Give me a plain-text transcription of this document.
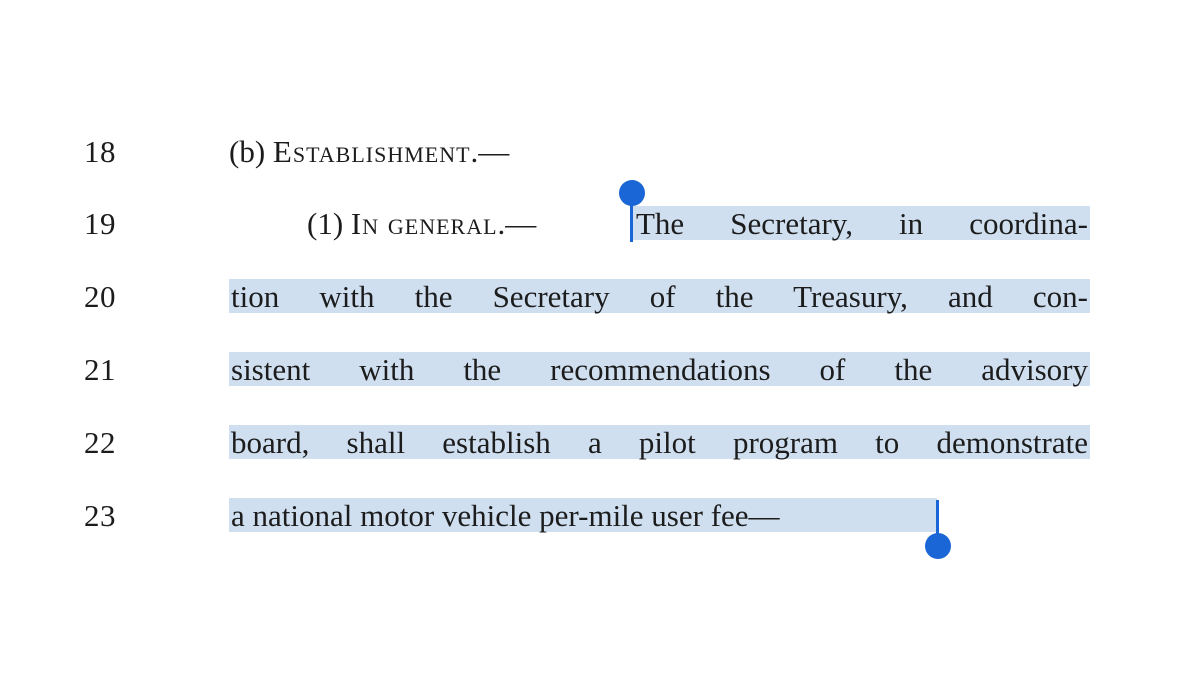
18	(b) Establishment.—
19	(1) In general.—	The Secretary, in coordina-
20	tion with the Secretary of the Treasury, and con-
21	sistent with the recommendations of the advisory
22	board, shall establish a pilot program to demonstrate
23	a national motor vehicle per-mile user fee—
